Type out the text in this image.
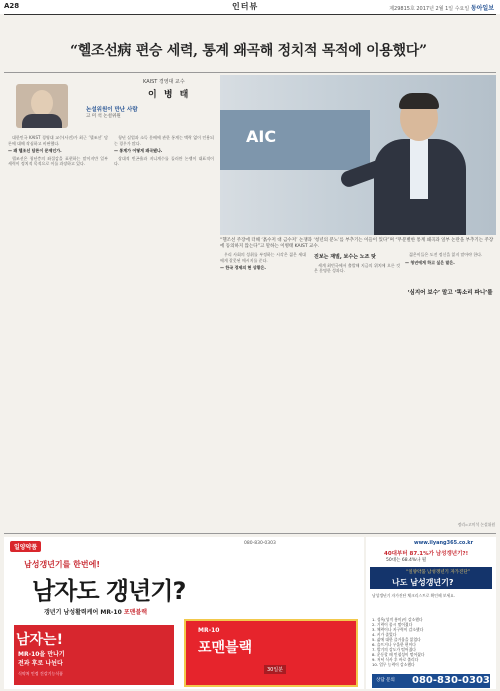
A28	인터뷰	제29815호 2017년 2월 1일 수요일 동아일보
“헬조선病 편승 세력, 통계 왜곡해 정치적 목적에 이용했다”
KAIST 경영대 교수
이 병 태
논설위원이 만난 사람
고 미 석 논설위원
AIC
“헬조선 주장에 더해 ‘흙수저 대 금수저’ 논쟁과 ‘청년의 분노’를 부추기는 이들이 있다”며 “무분별한 통계 왜곡과 일부 논란을 부추기는 주장에 동의하지 않는다”고 말하는 이병태 KAIST 교수.

대한민국 KAIST 경영대 교수(사진)가 최근 ‘헬조선’ 담론에 대해 작심하고 비판했다.

— 왜 헬조선 담론이 문제인가.

헬조선은 청년층의 좌절감을 표현하는 말이지만 일부 세력이 정치적 목적으로 이를 과장하고 있다.

청년 실업과 소득 분배에 관한 통계는 맥락 없이 인용되는 경우가 많다.

— 통계가 어떻게 왜곡됐나.

상대적 빈곤율과 지니계수를 둘러싼 논쟁이 대표적이다.

우리 사회의 성취를 부정하는 시각은 젊은 세대에게 잘못된 메시지를 준다.

— 한국 경제의 현 상황은.

진보는 재벌, 보수는 노조 탓

세계 최빈국에서 출발해 지금의 위치에 오른 것은 분명한 성과다.

젊은이들은 도전 정신을 잃지 말아야 한다.

— 청년에게 하고 싶은 말은.

‘심지어 보수’ 말고 ‘똑소리 파니’를
정리=고미석 논설위원
일양약품
080-830-0303
남성갱년기를 한번에!
남자도 갱년기?
갱년기 남성활력케어 MR-10 포맨블랙
남자는!
MR-10을 만나기
전과 후로 나뉜다
식약처 인정 건강기능식품
MR-10
포맨블랙
30일분
www.ilyang365.co.kr
40대부터 87.1%가 남성갱년기?!
50대는 68.4%나 될
“일양약품 남성갱년기 자가진단”
나도 남성갱년기?
남성갱년기 자가진단 체크리스트로 확인해 보세요.
1. 성욕(성적 흥미)이 감소했다
2. 기력이 몹시 떨어졌다
3. 체력이나 지구력이 감소했다
4. 키가 줄었다
5. 삶에 대한 즐거움을 잃었다
6. 슬프거나 우울한 편이다
7. 발기의 강도가 떨어졌다
8. 운동할 때 민첩성이 떨어졌다
9. 저녁 식사 후 바로 졸리다
10. 업무 능력이 감소했다
상담 문의 080-830-0303
